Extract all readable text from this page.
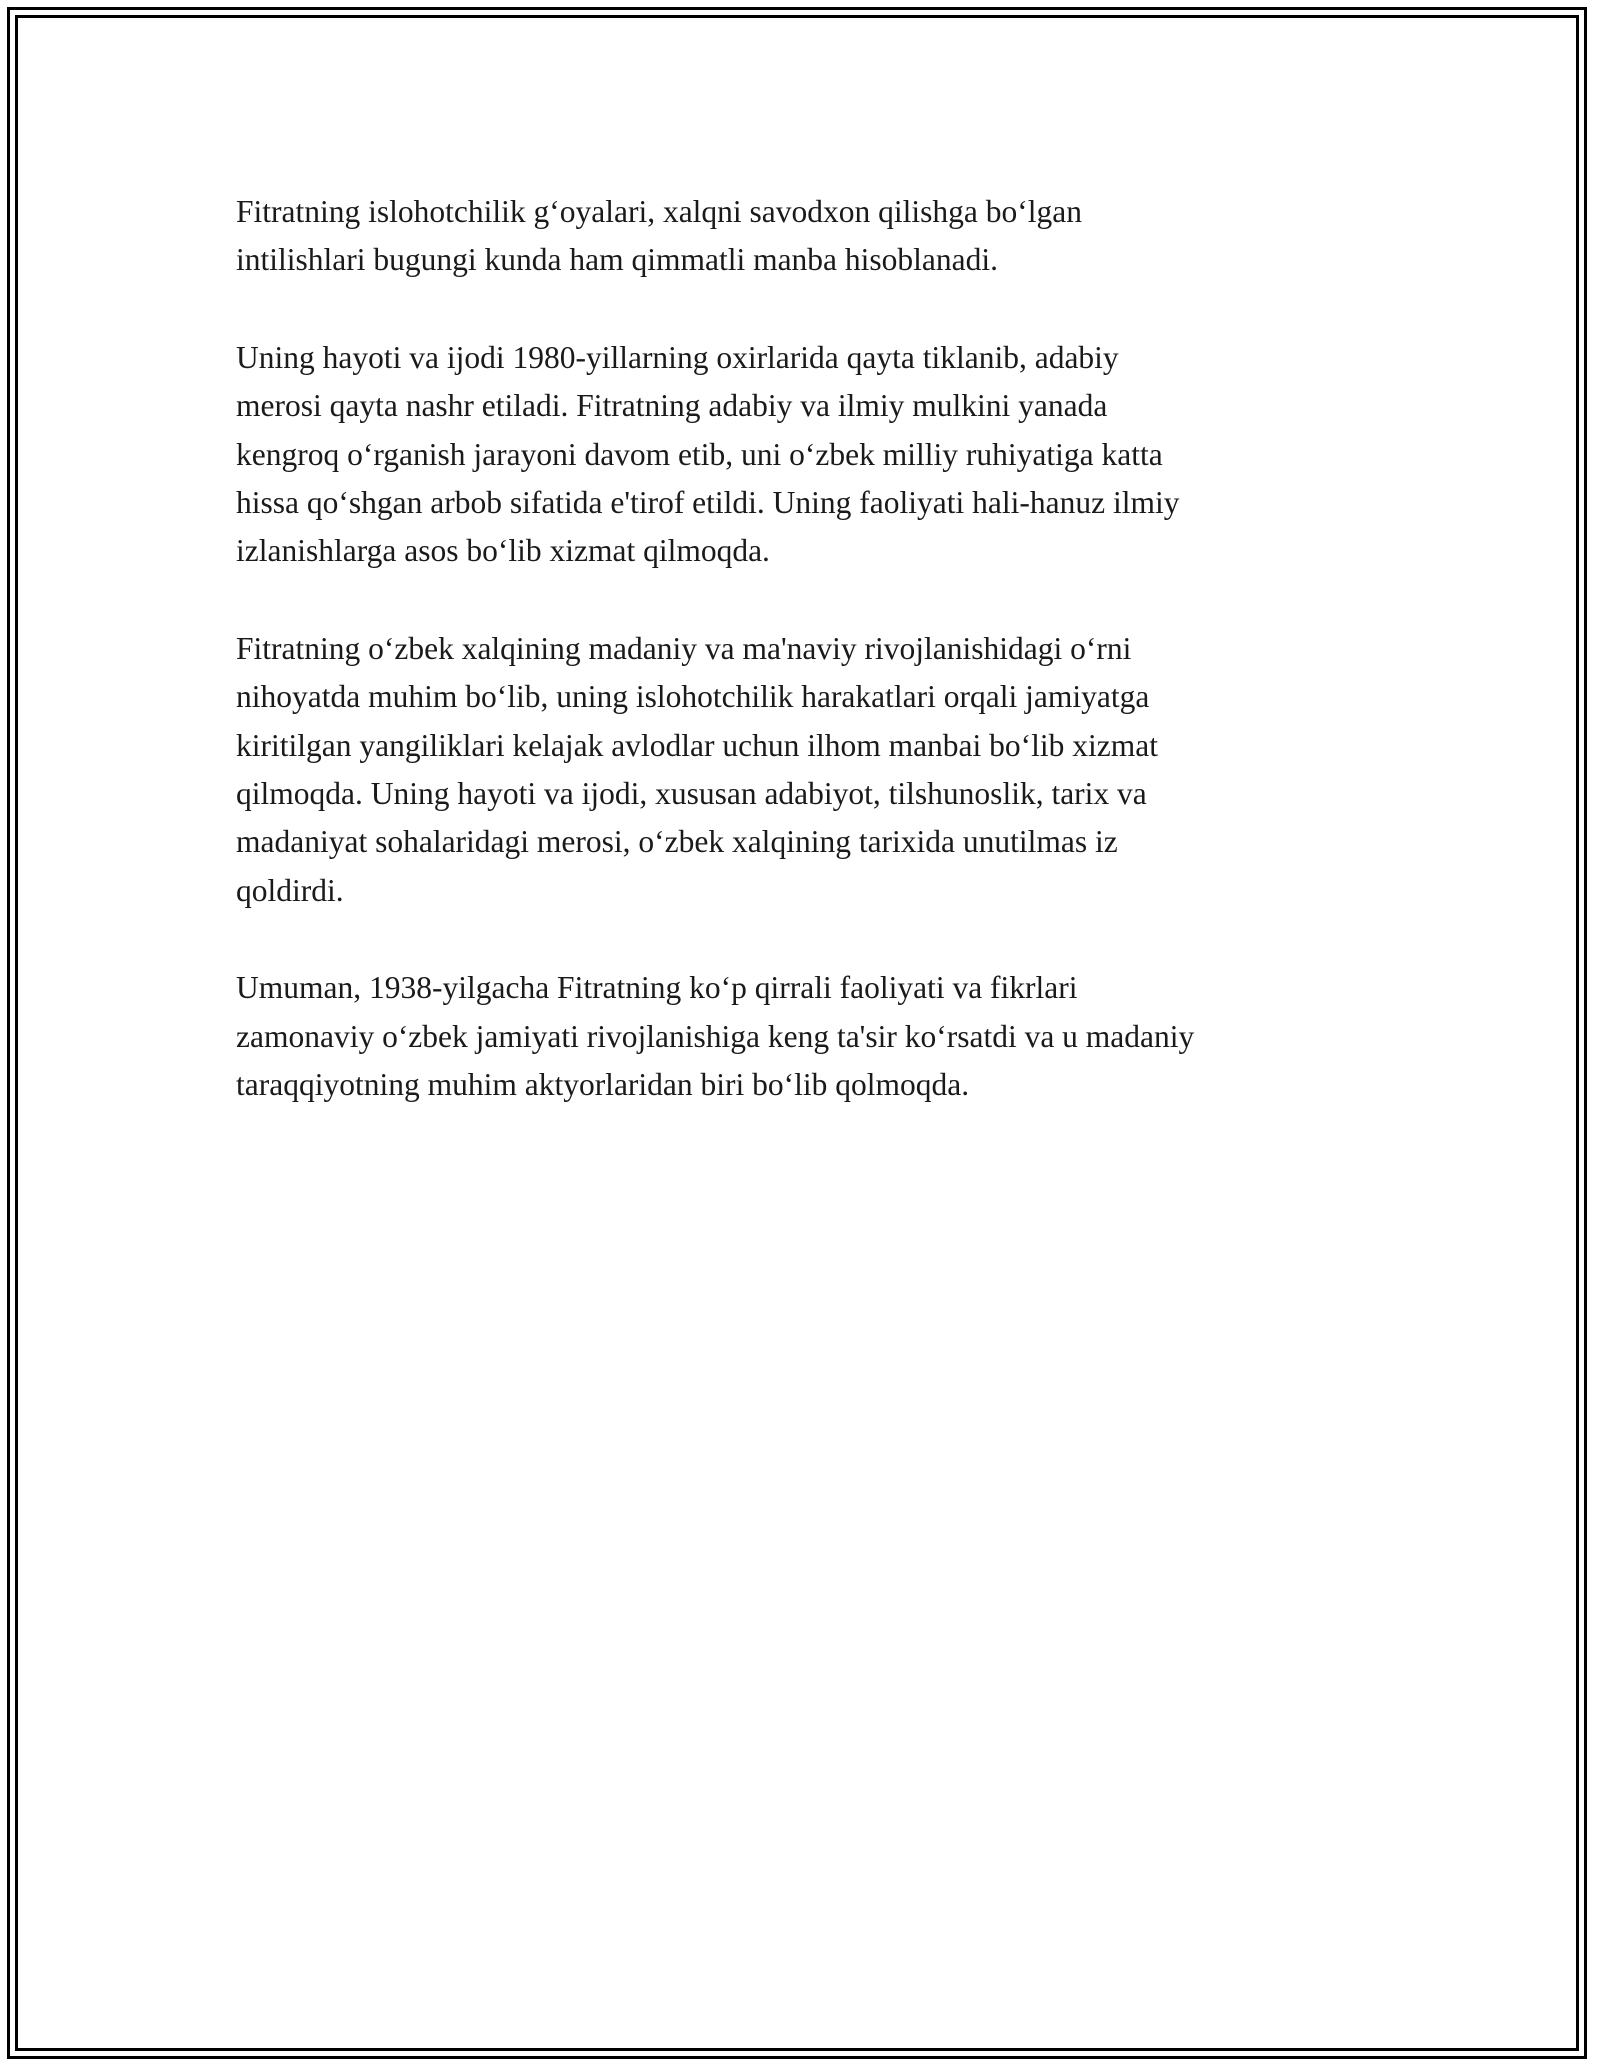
Fitratning islohotchilik g‘oyalari, xalqni savodxon qilishga bo‘lgan
intilishlari bugungi kunda ham qimmatli manba hisoblanadi.

Uning hayoti va ijodi 1980-yillarning oxirlarida qayta tiklanib, adabiy
merosi qayta nashr etiladi. Fitratning adabiy va ilmiy mulkini yanada
kengroq o‘rganish jarayoni davom etib, uni o‘zbek milliy ruhiyatiga katta
hissa qo‘shgan arbob sifatida e'tirof etildi. Uning faoliyati hali-hanuz ilmiy
izlanishlarga asos bo‘lib xizmat qilmoqda.

Fitratning o‘zbek xalqining madaniy va ma'naviy rivojlanishidagi o‘rni
nihoyatda muhim bo‘lib, uning islohotchilik harakatlari orqali jamiyatga
kiritilgan yangiliklari kelajak avlodlar uchun ilhom manbai bo‘lib xizmat
qilmoqda. Uning hayoti va ijodi, xususan adabiyot, tilshunoslik, tarix va
madaniyat sohalaridagi merosi, o‘zbek xalqining tarixida unutilmas iz
qoldirdi.

Umuman, 1938-yilgacha Fitratning ko‘p qirrali faoliyati va fikrlari
zamonaviy o‘zbek jamiyati rivojlanishiga keng ta'sir ko‘rsatdi va u madaniy
taraqqiyotning muhim aktyorlaridan biri bo‘lib qolmoqda.
